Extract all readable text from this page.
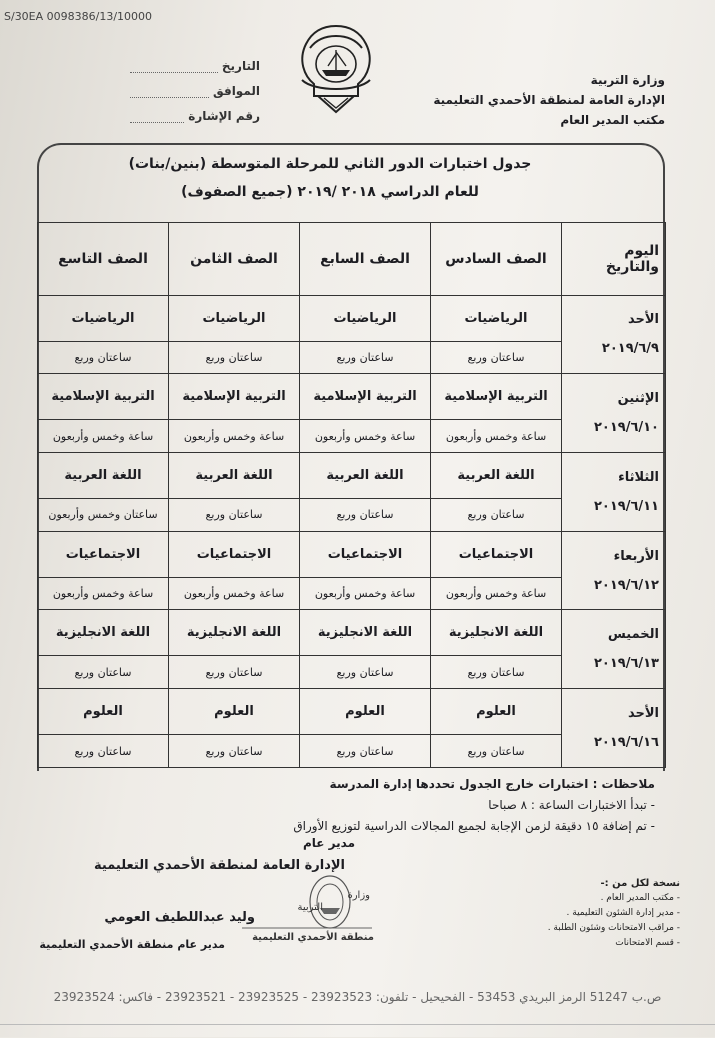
S/30EA 0098386/13/10000
التاريخ
الموافق
رقم الإشارة
وزارة التربية
الإدارة العامة لمنطقة الأحمدي التعليمية
مكتب المدير العام
جدول اختبارات الدور الثاني للمرحلة المتوسطة (بنين/بنات)
للعام الدراسي ٢٠١٨ /٢٠١٩ (جميع الصفوف)
اليوم والتاريخ	الصف السادس	الصف السابع	الصف الثامن	الصف التاسع

الأحد
٢٠١٩/٦/٩	الرياضيات	الرياضيات	الرياضيات	الرياضيات
	ساعتان وربع	ساعتان وربع	ساعتان وربع	ساعتان وربع

الإثنين
٢٠١٩/٦/١٠	التربية الإسلامية	التربية الإسلامية	التربية الإسلامية	التربية الإسلامية
	ساعة وخمس وأربعون	ساعة وخمس وأربعون	ساعة وخمس وأربعون	ساعة وخمس وأربعون

الثلاثاء
٢٠١٩/٦/١١	اللغة العربية	اللغة العربية	اللغة العربية	اللغة العربية
	ساعتان وربع	ساعتان وربع	ساعتان وربع	ساعتان وخمس وأربعون

الأربعاء
٢٠١٩/٦/١٢	الاجتماعيات	الاجتماعيات	الاجتماعيات	الاجتماعيات
	ساعة وخمس وأربعون	ساعة وخمس وأربعون	ساعة وخمس وأربعون	ساعة وخمس وأربعون

الخميس
٢٠١٩/٦/١٣	اللغة الانجليزية	اللغة الانجليزية	اللغة الانجليزية	اللغة الانجليزية
	ساعتان وربع	ساعتان وربع	ساعتان وربع	ساعتان وربع

الأحد
٢٠١٩/٦/١٦	العلوم	العلوم	العلوم	العلوم
	ساعتان وربع	ساعتان وربع	ساعتان وربع	ساعتان وربع
ملاحظات : اختبارات خارج الجدول تحددها إدارة المدرسة
- تبدأ الاختبارات الساعة : ٨ صباحا
- تم إضافة ١٥ دقيقة لزمن الإجابة لجميع المجالات الدراسية لتوزيع الأوراق
مدير عام
الإدارة العامة لمنطقة الأحمدي التعليمية
وليد عبداللطيف العومي
مدير عام منطقة الأحمدي التعليمية
وزارة
التربية
منطقة الأحمدي التعليمية
نسخة لكل من :-
- مكتب المدير العام .
- مدير إدارة الشئون التعليمية .
- مراقب الامتحانات وشئون الطلبة .
- قسم الامتحانات
ص.ب 51247 الرمز البريدي 53453 - الفحيحيل - تلفون: 23923523 - 23923525 - 23923521 - فاكس: 23923524
